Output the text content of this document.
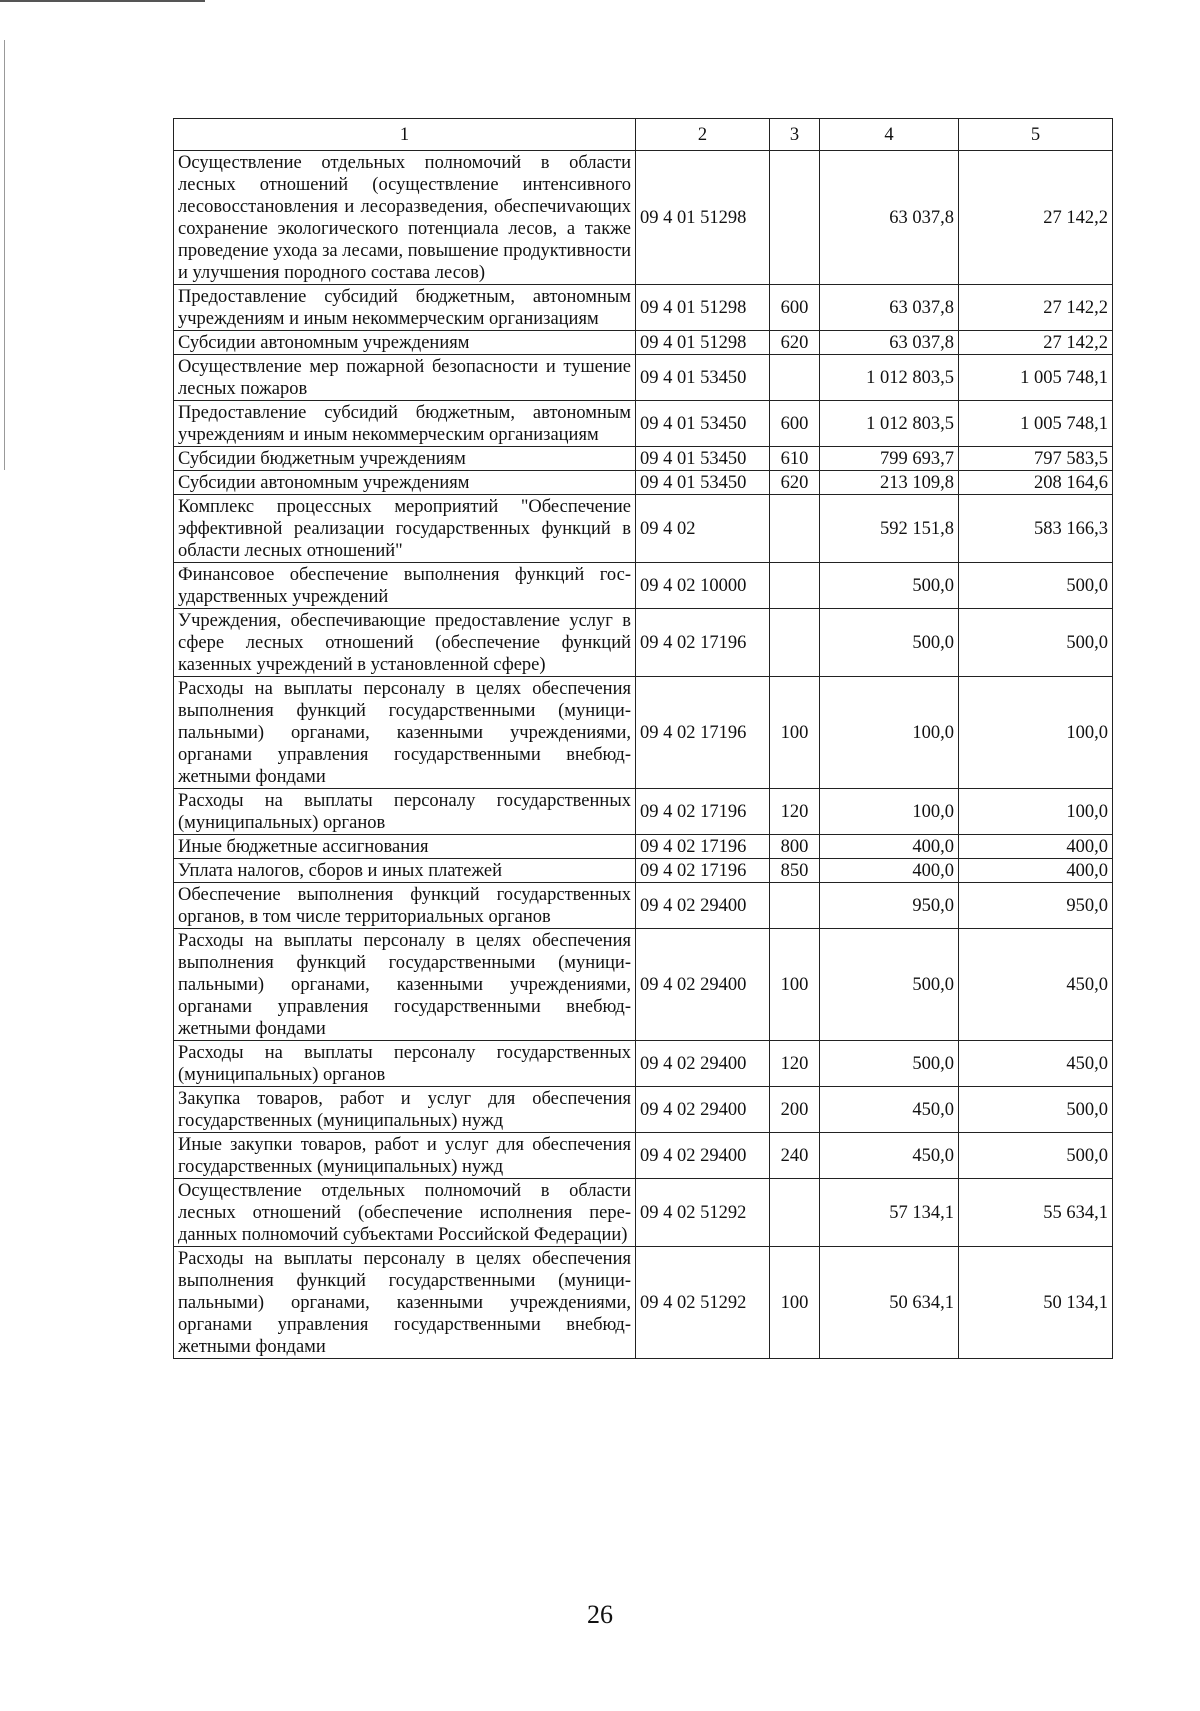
1	2	3	4	5
Осуществление отдельных полномочий в области лесных отношений (осуществление интенсивного лесовосстановления и лесоразведения, обеспечиvающих сохранение экологического потенциала лесов, а также проведение ухода за лесами, повышение продуктивности и улучшения породного состава лесов)	09 4 01 51298		63 037,8	27 142,2
Предоставление субсидий бюджетным, автономным учреждениям и иным некоммерческим организациям	09 4 01 51298	600	63 037,8	27 142,2
Субсидии автономным учреждениям	09 4 01 51298	620	63 037,8	27 142,2
Осуществление мер пожарной безопасности и тушение лесных пожаров	09 4 01 53450		1 012 803,5	1 005 748,1
Предоставление субсидий бюджетным, автономным учреждениям и иным некоммерческим организациям	09 4 01 53450	600	1 012 803,5	1 005 748,1
Субсидии бюджетным учреждениям	09 4 01 53450	610	799 693,7	797 583,5
Субсидии автономным учреждениям	09 4 01 53450	620	213 109,8	208 164,6
Комплекс процессных мероприятий "Обеспечение эффективной реализации государственных функций в области лесных отношений"	09 4 02		592 151,8	583 166,3
Финансовое обеспечение выполнения функций государственных учреждений	09 4 02 10000		500,0	500,0
Учреждения, обеспечивающие предоставление услуг в сфере лесных отношений (обеспечение функций казенных учреждений в установленной сфере)	09 4 02 17196		500,0	500,0
Расходы на выплаты персоналу в целях обеспечения выполнения функций государственными (муниципальными) органами, казенными учреждениями, органами управления государственными внебюджетными фондами	09 4 02 17196	100	100,0	100,0
Расходы на выплаты персоналу государственных (муниципальных) органов	09 4 02 17196	120	100,0	100,0
Иные бюджетные ассигнования	09 4 02 17196	800	400,0	400,0
Уплата налогов, сборов и иных платежей	09 4 02 17196	850	400,0	400,0
Обеспечение выполнения функций государственных органов, в том числе территориальных органов	09 4 02 29400		950,0	950,0
Расходы на выплаты персоналу в целях обеспечения выполнения функций государственными (муниципальными) органами, казенными учреждениями, органами управления государственными внебюджетными фондами	09 4 02 29400	100	500,0	450,0
Расходы на выплаты персоналу государственных (муниципальных) органов	09 4 02 29400	120	500,0	450,0
Закупка товаров, работ и услуг для обеспечения государственных (муниципальных) нужд	09 4 02 29400	200	450,0	500,0
Иные закупки товаров, работ и услуг для обеспечения государственных (муниципальных) нужд	09 4 02 29400	240	450,0	500,0
Осуществление отдельных полномочий в области лесных отношений (обеспечение исполнения переданных полномочий субъектами Российской Федерации)	09 4 02 51292		57 134,1	55 634,1
Расходы на выплаты персоналу в целях обеспечения выполнения функций государственными (муниципальными) органами, казенными учреждениями, органами управления государственными внебюджетными фондами	09 4 02 51292	100	50 634,1	50 134,1
26
